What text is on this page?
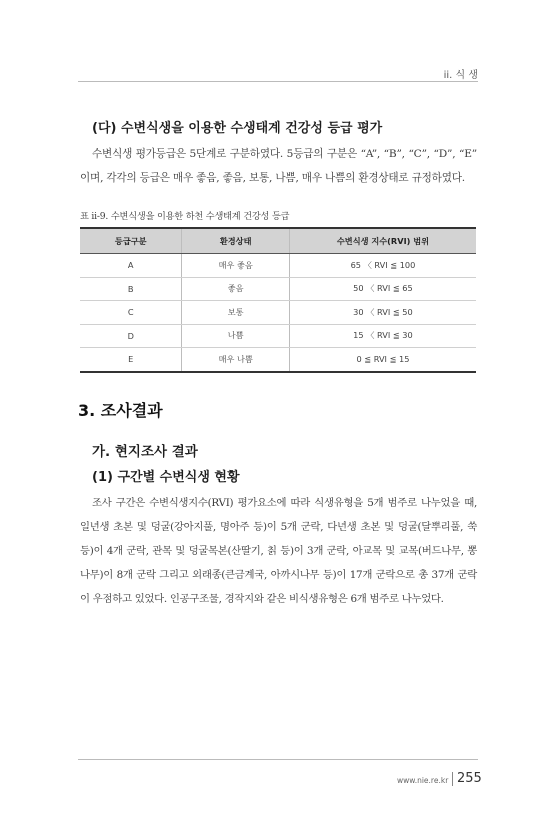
ii. 식 생
(다) 수변식생을 이용한 수생태계 건강성 등급 평가

수변식생 평가등급은 5단계로 구분하였다. 5등급의 구분은 “A”, “B”, “C”, “D”, “E” 이며, 각각의 등급은 매우 좋음, 좋음, 보통, 나쁨, 매우 나쁨의 환경상태로 규정하였다.

표 ii-9. 수변식생을 이용한 하천 수생태계 건강성 등급
등급구분	환경상태	수변식생 지수(RVI) 범위
A	매우 좋음	65 〈 RVI ≦ 100
B	좋음	50 〈 RVI ≦ 65
C	보통	30 〈 RVI ≦ 50
D	나쁨	15 〈 RVI ≦ 30
E	매우 나쁨	0 ≦ RVI ≦ 15
3. 조사결과
가. 현지조사 결과
(1) 구간별 수변식생 현황

조사 구간은 수변식생지수(RVI) 평가요소에 따라 식생유형을 5개 범주로 나누었을 때, 일년생 초본 및 덩굴(강아지풀, 명아주 등)이 5개 군락, 다년생 초본 및 덩굴(달뿌리풀, 쑥 등)이 4개 군락, 관목 및 덩굴목본(산딸기, 칡 등)이 3개 군락, 아교목 및 교목(버드나무, 뽕나무)이 8개 군락 그리고 외래종(큰금계국, 아까시나무 등)이 17개 군락으로 총 37개 군락이 우점하고 있었다. 인공구조물, 경작지와 같은 비식생유형은 6개 범주로 나누었다.

www.nie.re.kr 255
